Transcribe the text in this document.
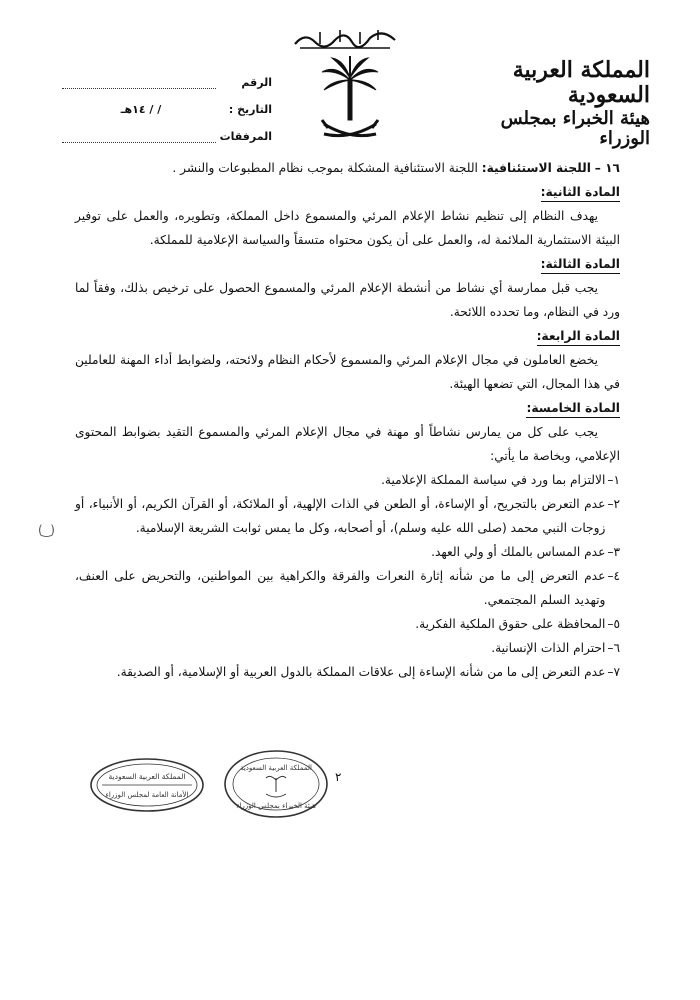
المملكة العربية السعودية
هيئة الخبراء بمجلس الوزراء
الرقم
التاريخ :
/ / ١٤هـ
المرفقات

١٦ – اللجنة الاستئنافية: اللجنة الاستئنافية المشكلة بموجب نظام المطبوعات والنشر .

المادة الثانية:

يهدف النظام إلى تنظيم نشاط الإعلام المرئي والمسموع داخل المملكة، وتطويره، والعمل على توفير البيئة الاستثمارية الملائمة له، والعمل على أن يكون محتواه متسقاً والسياسة الإعلامية للمملكة.

المادة الثالثة:

يجب قبل ممارسة أي نشاط من أنشطة الإعلام المرئي والمسموع الحصول على ترخيص بذلك، وفقاً لما ورد في النظام، وما تحدده اللائحة.

المادة الرابعة:

يخضع العاملون في مجال الإعلام المرئي والمسموع لأحكام النظام ولائحته، ولضوابط أداء المهنة للعاملين في هذا المجال، التي تضعها الهيئة.

المادة الخامسة:

يجب على كل من يمارس نشاطاً أو مهنة في مجال الإعلام المرئي والمسموع التقيد بضوابط المحتوى الإعلامي، وبخاصة ما يأتي:

١–
الالتزام بما ورد في سياسة المملكة الإعلامية.
٢–
عدم التعرض بالتجريح، أو الإساءة، أو الطعن في الذات الإلهية، أو الملائكة، أو القرآن الكريم، أو الأنبياء، أو زوجات النبي محمد (صلى الله عليه وسلم)، أو أصحابه، وكل ما يمس ثوابت الشريعة الإسلامية.
٣–
عدم المساس بالملك أو ولي العهد.
٤–
عدم التعرض إلى ما من شأنه إثارة النعرات والفرقة والكراهية بين المواطنين، والتحريض على العنف، وتهديد السلم المجتمعي.
٥–
المحافظة على حقوق الملكية الفكرية.
٦–
احترام الذات الإنسانية.
٧–
عدم التعرض إلى ما من شأنه الإساءة إلى علاقات المملكة بالدول العربية أو الإسلامية، أو الصديقة.
( ͜ )
المملكة العربية السعودية
الأمانة العامة لمجلس الوزراء
المملكة العربية السعودية
هيئة الخبراء بمجلس الوزراء
٢
